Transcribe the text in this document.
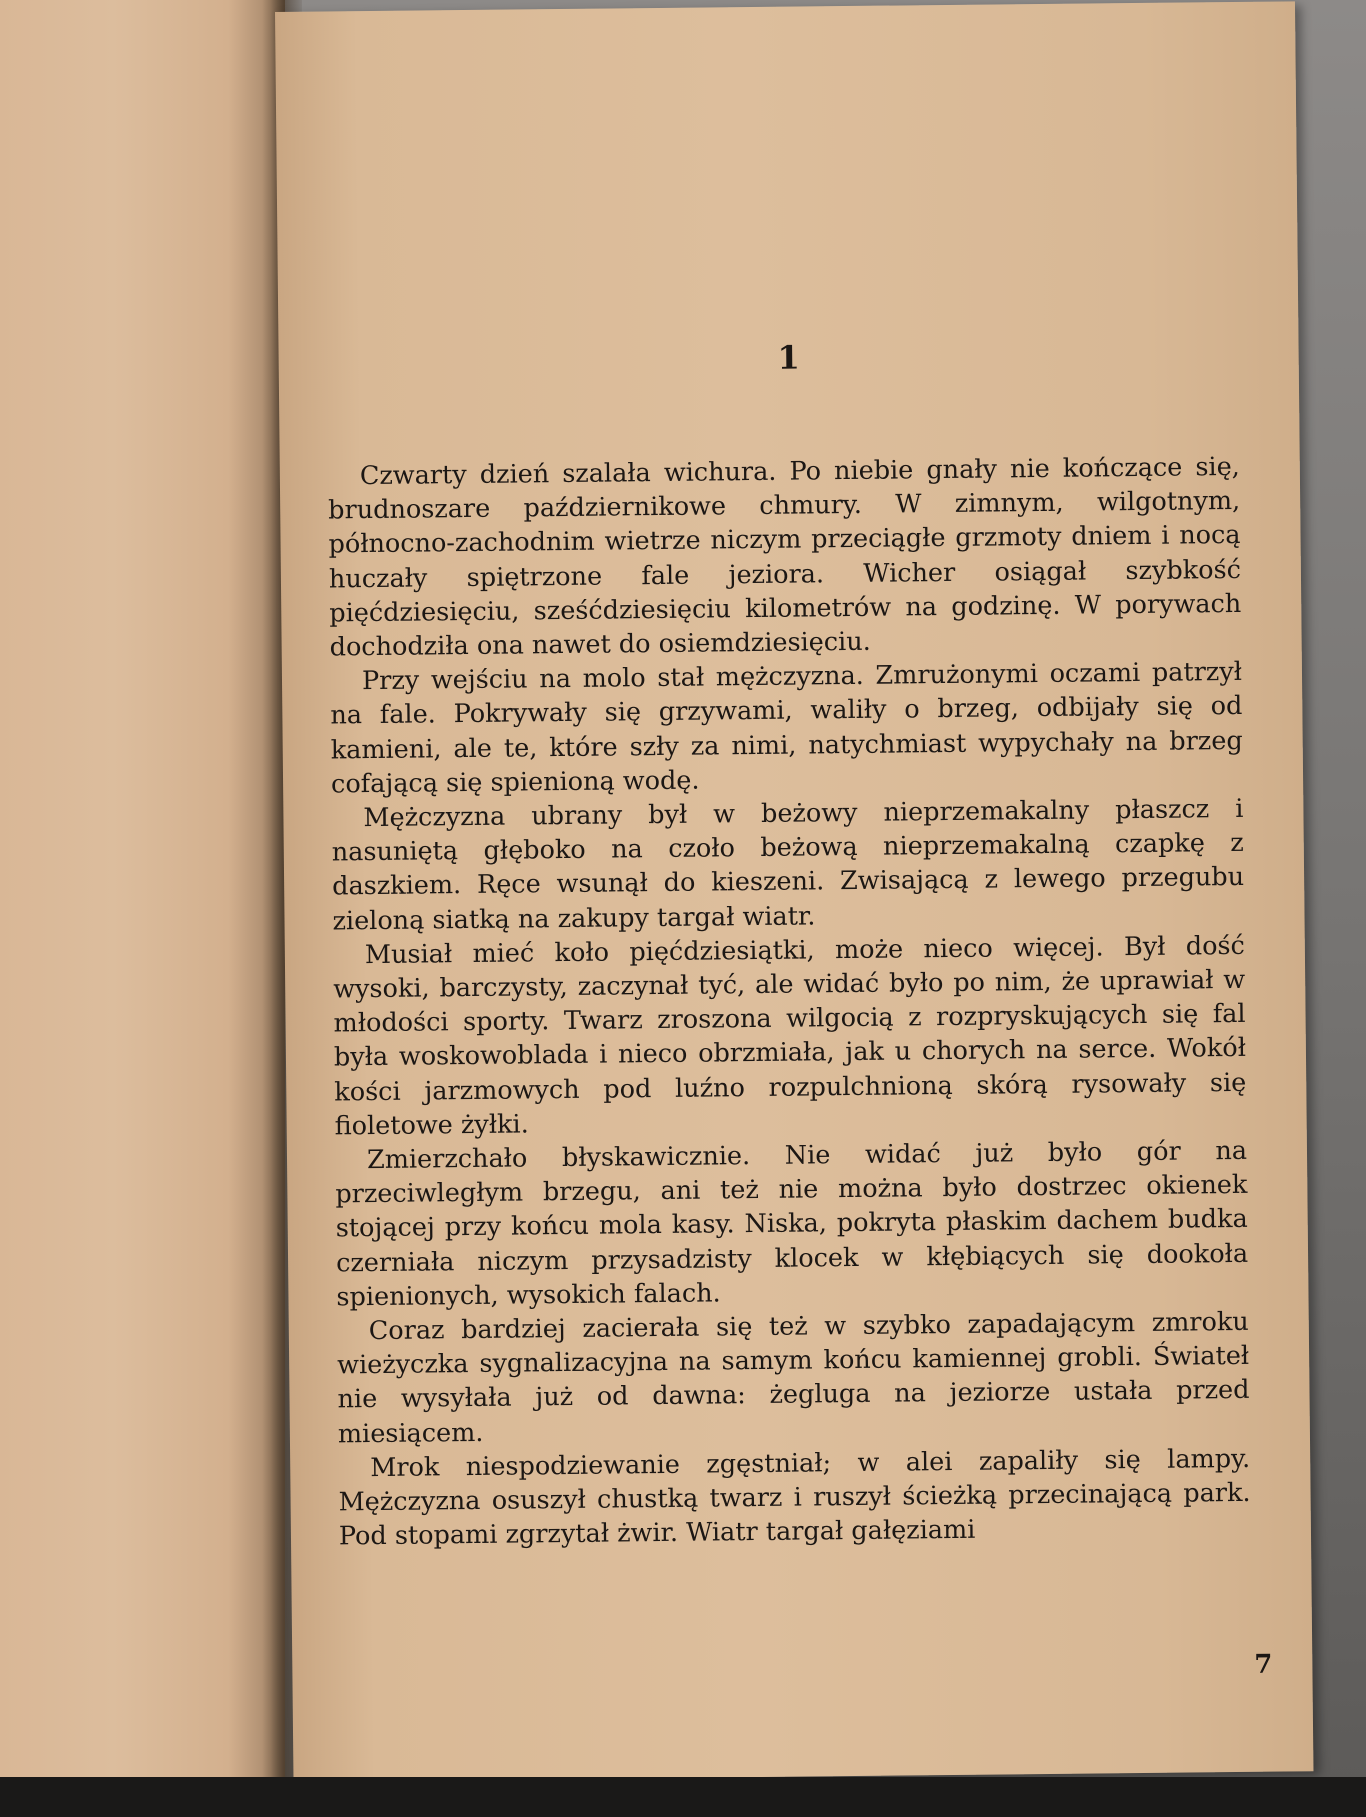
1

Czwarty dzień szalała wichura. Po niebie gnały nie kończące się, brudnoszare październikowe chmury. W zimnym, wilgotnym, północno-zachodnim wietrze niczym przeciągłe grzmoty dniem i nocą huczały spiętrzone fale jeziora. Wicher osiągał szybkość pięćdziesięciu, sześćdziesięciu kilometrów na godzinę. W porywach dochodziła ona nawet do osiemdziesięciu.

Przy wejściu na molo stał mężczyzna. Zmrużonymi oczami patrzył na fale. Pokrywały się grzywami, waliły o brzeg, odbijały się od kamieni, ale te, które szły za nimi, natychmiast wypychały na brzeg cofającą się spienioną wodę.

Mężczyzna ubrany był w beżowy nieprzemakalny płaszcz i nasuniętą głęboko na czoło beżową nieprzemakalną czapkę z daszkiem. Ręce wsunął do kieszeni. Zwisającą z lewego przegubu zieloną siatką na zakupy targał wiatr.

Musiał mieć koło pięćdziesiątki, może nieco więcej. Był dość wysoki, barczysty, zaczynał tyć, ale widać było po nim, że uprawiał w młodości sporty. Twarz zroszona wilgocią z rozpryskujących się fal była woskowoblada i nieco obrzmiała, jak u chorych na serce. Wokół kości jarzmowych pod luźno rozpulchnioną skórą rysowały się fioletowe żyłki.

Zmierzchało błyskawicznie. Nie widać już było gór na przeciwległym brzegu, ani też nie można było dostrzec okienek stojącej przy końcu mola kasy. Niska, pokryta płaskim dachem budka czerniała niczym przysadzisty klocek w kłębiących się dookoła spienionych, wysokich falach.

Coraz bardziej zacierała się też w szybko zapadającym zmroku wieżyczka sygnalizacyjna na samym końcu kamiennej grobli. Świateł nie wysyłała już od dawna: żegluga na jeziorze ustała przed miesiącem.

Mrok niespodziewanie zgęstniał; w alei zapaliły się lampy. Mężczyzna osuszył chustką twarz i ruszył ścieżką przecinającą park. Pod stopami zgrzytał żwir. Wiatr targał gałęziami

7
